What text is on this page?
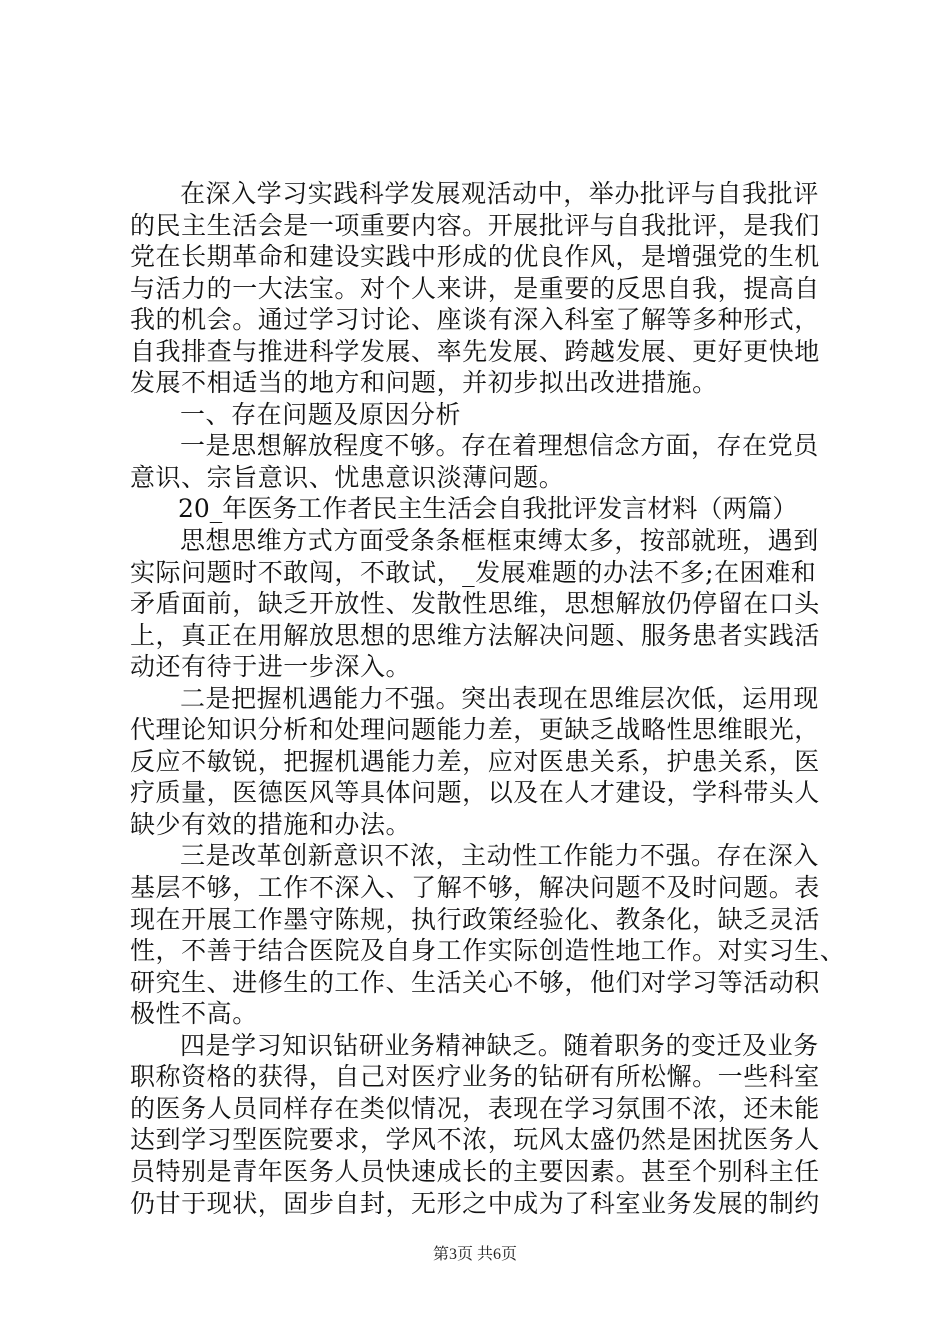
在深入学习实践科学发展观活动中，举办批评与自我批评
的民主生活会是一项重要内容。开展批评与自我批评，是我们
党在长期革命和建设实践中形成的优良作风，是增强党的生机
与活力的一大法宝。对个人来讲，是重要的反思自我，提高自
我的机会。通过学习讨论、座谈有深入科室了解等多种形式，
自我排查与推进科学发展、率先发展、跨越发展、更好更快地
发展不相适当的地方和问题，并初步拟出改进措施。
一、存在问题及原因分析
一是思想解放程度不够。存在着理想信念方面，存在党员
意识、宗旨意识、忧患意识淡薄问题。
20_年医务工作者民主生活会自我批评发言材料（两篇）
思想思维方式方面受条条框框束缚太多，按部就班，遇到
实际问题时不敢闯，不敢试，_发展难题的办法不多;在困难和
矛盾面前，缺乏开放性、发散性思维，思想解放仍停留在口头
上，真正在用解放思想的思维方法解决问题、服务患者实践活
动还有待于进一步深入。
二是把握机遇能力不强。突出表现在思维层次低，运用现
代理论知识分析和处理问题能力差，更缺乏战略性思维眼光，
反应不敏锐，把握机遇能力差，应对医患关系，护患关系，医
疗质量，医德医风等具体问题，以及在人才建设，学科带头人
缺少有效的措施和办法。
三是改革创新意识不浓，主动性工作能力不强。存在深入
基层不够，工作不深入、了解不够，解决问题不及时问题。表
现在开展工作墨守陈规，执行政策经验化、教条化，缺乏灵活
性，不善于结合医院及自身工作实际创造性地工作。对实习生、
研究生、进修生的工作、生活关心不够，他们对学习等活动积
极性不高。
四是学习知识钻研业务精神缺乏。随着职务的变迁及业务
职称资格的获得，自己对医疗业务的钻研有所松懈。一些科室
的医务人员同样存在类似情况，表现在学习氛围不浓，还未能
达到学习型医院要求，学风不浓，玩风太盛仍然是困扰医务人
员特别是青年医务人员快速成长的主要因素。甚至个别科主任
仍甘于现状，固步自封，无形之中成为了科室业务发展的制约
第3页 共6页
